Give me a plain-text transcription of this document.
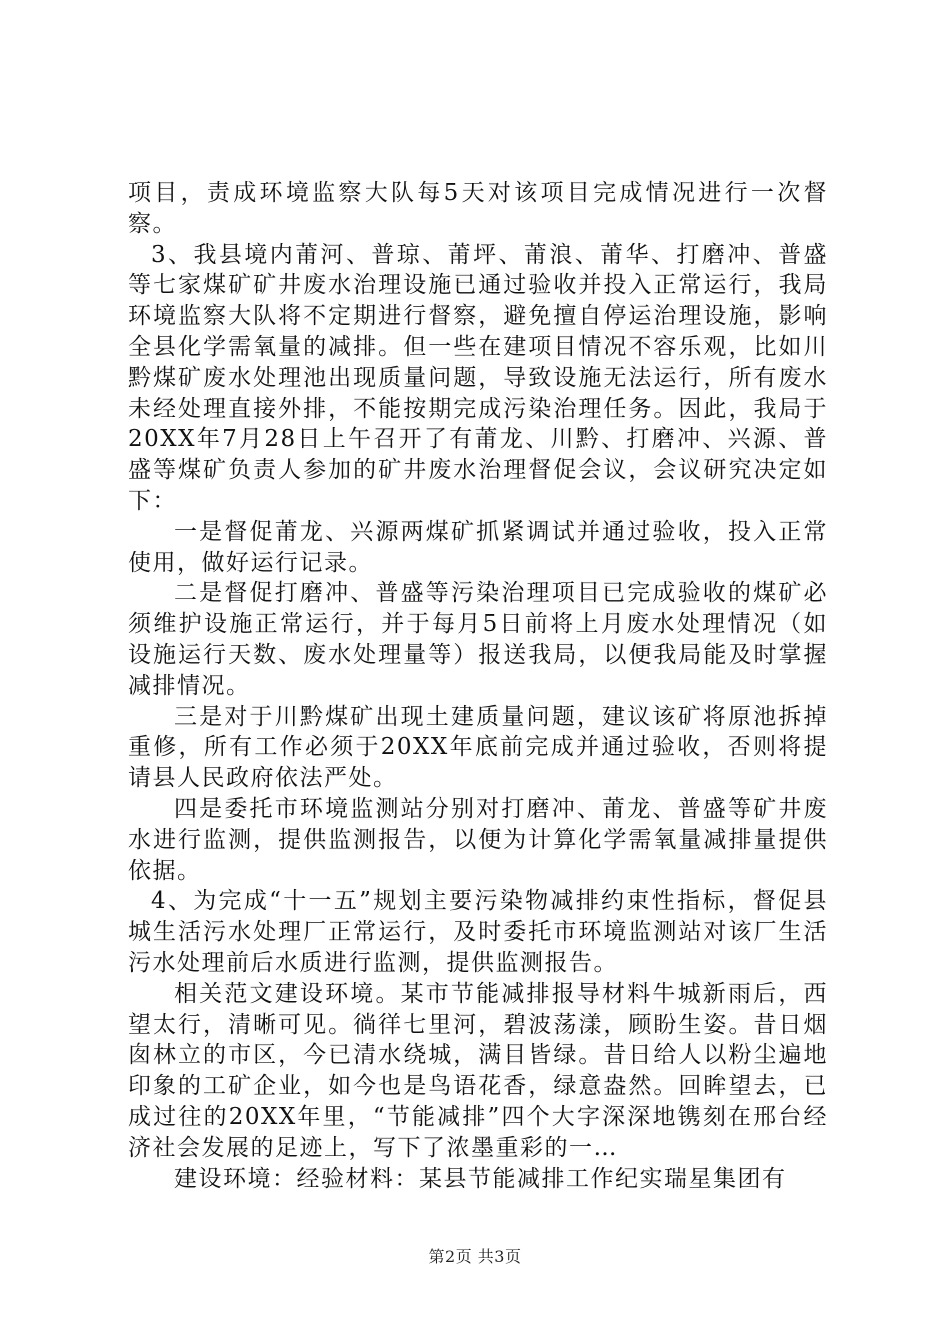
项目，责成环境监察大队每5天对该项目完成情况进行一次督察。

3、我县境内莆河、普琼、莆坪、莆浪、莆华、打磨冲、普盛等七家煤矿矿井废水治理设施已通过验收并投入正常运行，我局环境监察大队将不定期进行督察，避免擅自停运治理设施，影响全县化学需氧量的减排。但一些在建项目情况不容乐观，比如川黔煤矿废水处理池出现质量问题，导致设施无法运行，所有废水未经处理直接外排，不能按期完成污染治理任务。因此，我局于20XX年7月28日上午召开了有莆龙、川黔、打磨冲、兴源、普盛等煤矿负责人参加的矿井废水治理督促会议，会议研究决定如下：

一是督促莆龙、兴源两煤矿抓紧调试并通过验收，投入正常使用，做好运行记录。

二是督促打磨冲、普盛等污染治理项目已完成验收的煤矿必须维护设施正常运行，并于每月5日前将上月废水处理情况（如设施运行天数、废水处理量等）报送我局，以便我局能及时掌握减排情况。

三是对于川黔煤矿出现土建质量问题，建议该矿将原池拆掉重修，所有工作必须于20XX年底前完成并通过验收，否则将提请县人民政府依法严处。

四是委托市环境监测站分别对打磨冲、莆龙、普盛等矿井废水进行监测，提供监测报告，以便为计算化学需氧量减排量提供依据。

4、为完成“十一五”规划主要污染物减排约束性指标，督促县城生活污水处理厂正常运行，及时委托市环境监测站对该厂生活污水处理前后水质进行监测，提供监测报告。

相关范文建设环境。某市节能减排报导材料牛城新雨后，西望太行，清晰可见。徜徉七里河，碧波荡漾，顾盼生姿。昔日烟囱林立的市区，今已清水绕城，满目皆绿。昔日给人以粉尘遍地印象的工矿企业，如今也是鸟语花香，绿意盎然。回眸望去，已成过往的20XX年里，“节能减排”四个大字深深地镌刻在邢台经济社会发展的足迹上，写下了浓墨重彩的一…

建设环境：经验材料：某县节能减排工作纪实瑞星集团有

第2页 共3页
